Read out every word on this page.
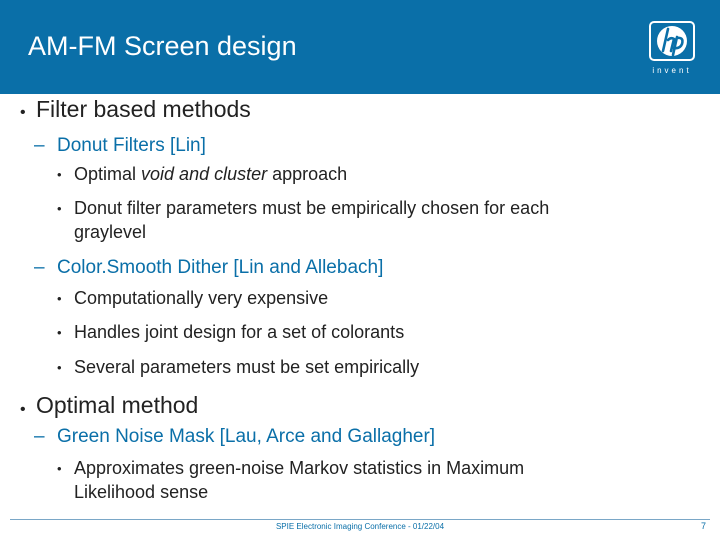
AM-FM Screen design
invent
• Filter based methods
– Donut Filters [Lin]
• Optimal void and cluster approach
• Donut filter parameters must be empirically chosen for each
graylevel
– Color.Smooth Dither [Lin and Allebach]
• Computationally very expensive
• Handles joint design for a set of colorants
• Several parameters must be set empirically
• Optimal method
– Green Noise Mask [Lau, Arce and Gallagher]
• Approximates green-noise Markov statistics in Maximum
Likelihood sense
SPIE Electronic Imaging Conference - 01/22/04	7
